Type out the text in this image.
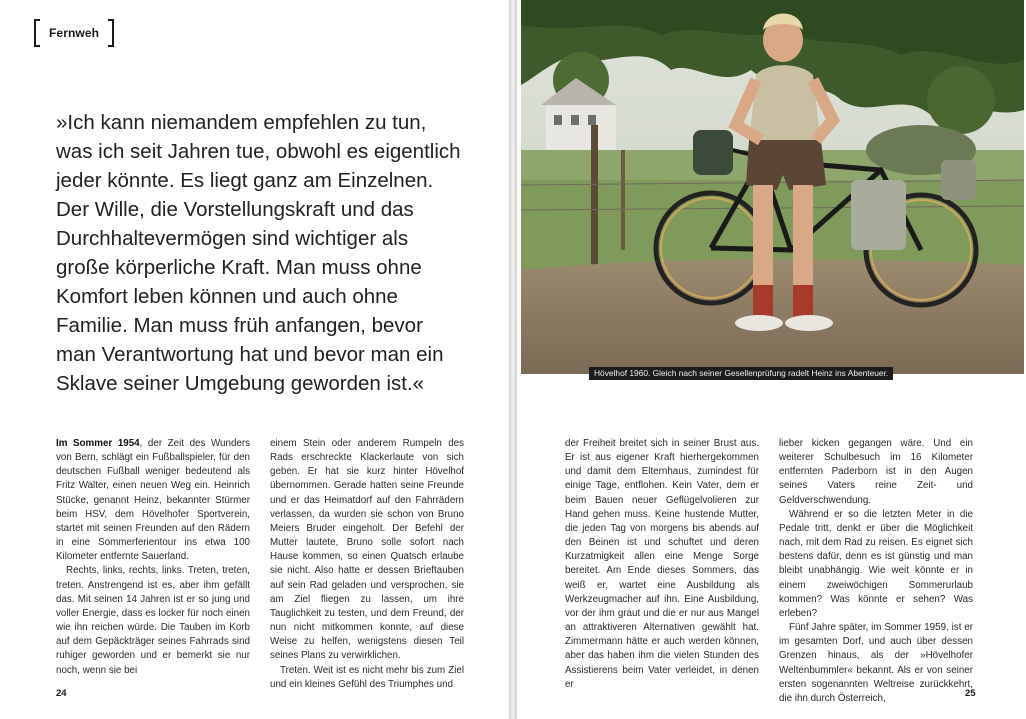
Fernweh

»Ich kann niemandem empfehlen zu tun, was ich seit Jahren tue, obwohl es eigentlich jeder könnte. Es liegt ganz am Einzelnen. Der Wille, die Vorstellungskraft und das Durchhaltevermögen sind wichtiger als große körperliche Kraft. Man muss ohne Komfort leben können und auch ohne Familie. Man muss früh anfangen, bevor man Verantwortung hat und bevor man ein Sklave seiner Umgebung geworden ist.«

Im Sommer 1954, der Zeit des Wunders von Bern, schlägt ein Fußballspieler, für den deutschen Fußball weniger bedeutend als Fritz Walter, einen neuen Weg ein. Heinrich Stücke, genannt Heinz, bekannter Stürmer beim HSV, dem Hövelhofer Sportverein, startet mit seinen Freunden auf den Rädern in eine Sommerferientour ins etwa 100 Kilometer entfernte Sauerland.

Rechts, links, rechts, links. Treten, treten, treten. Anstrengend ist es, aber ihm gefällt das. Mit seinen 14 Jahren ist er so jung und voller Energie, dass es locker für noch einen wie ihn reichen würde. Die Tauben im Korb auf dem Gepäckträger seines Fahrrads sind ruhiger geworden und er bemerkt sie nur noch, wenn sie bei

einem Stein oder anderem Rumpeln des Rads erschreckte Klackerlaute von sich geben. Er hat sie kurz hinter Hövelhof übernommen. Gerade hatten seine Freunde und er das Heimatdorf auf den Fahrrädern verlassen, da wurden sie schon von Bruno Meiers Bruder eingeholt. Der Befehl der Mutter lautete, Bruno solle sofort nach Hause kommen, so einen Quatsch erlaube sie nicht. Also hatte er dessen Brieftauben auf sein Rad geladen und versprochen, sie am Ziel fliegen zu lassen, um ihre Tauglichkeit zu testen, und dem Freund, der nun nicht mitkommen konnte, auf diese Weise zu helfen, wenigstens diesen Teil seines Plans zu verwirklichen.

Treten. Weit ist es nicht mehr bis zum Ziel und ein kleines Gefühl des Triumphes und

24
Hövelhof 1960. Gleich nach seiner Gesellenprüfung radelt Heinz ins Abenteuer.

der Freiheit breitet sich in seiner Brust aus. Er ist aus eigener Kraft hierhergekommen und damit dem Elternhaus, zumindest für einige Tage, entflohen. Kein Vater, dem er beim Bauen neuer Geflügelvolieren zur Hand gehen muss. Keine hustende Mutter, die jeden Tag von morgens bis abends auf den Beinen ist und schuftet und deren Kurzatmigkeit allen eine Menge Sorge bereitet. Am Ende dieses Sommers, das weiß er, wartet eine Ausbildung als Werkzeugmacher auf ihn. Eine Ausbildung, vor der ihm graut und die er nur aus Mangel an attraktiveren Alternativen gewählt hat. Zimmermann hätte er auch werden können, aber das haben ihm die vielen Stunden des Assistierens beim Vater verleidet, in denen er

lieber kicken gegangen wäre. Und ein weiterer Schulbesuch im 16 Kilometer entfernten Paderborn ist in den Augen seines Vaters reine Zeit- und Geldverschwendung.

Während er so die letzten Meter in die Pedale tritt, denkt er über die Möglichkeit nach, mit dem Rad zu reisen. Es eignet sich bestens dafür, denn es ist günstig und man bleibt unabhängig. Wie weit könnte er in einem zweiwöchigen Sommerurlaub kommen? Was könnte er sehen? Was erleben?

Fünf Jahre später, im Sommer 1959, ist er im gesamten Dorf, und auch über dessen Grenzen hinaus, als der »Hövelhofer Weltenbummler« bekannt. Als er von seiner ersten sogenannten Weltreise zurückkehrt, die ihn durch Österreich,	25
